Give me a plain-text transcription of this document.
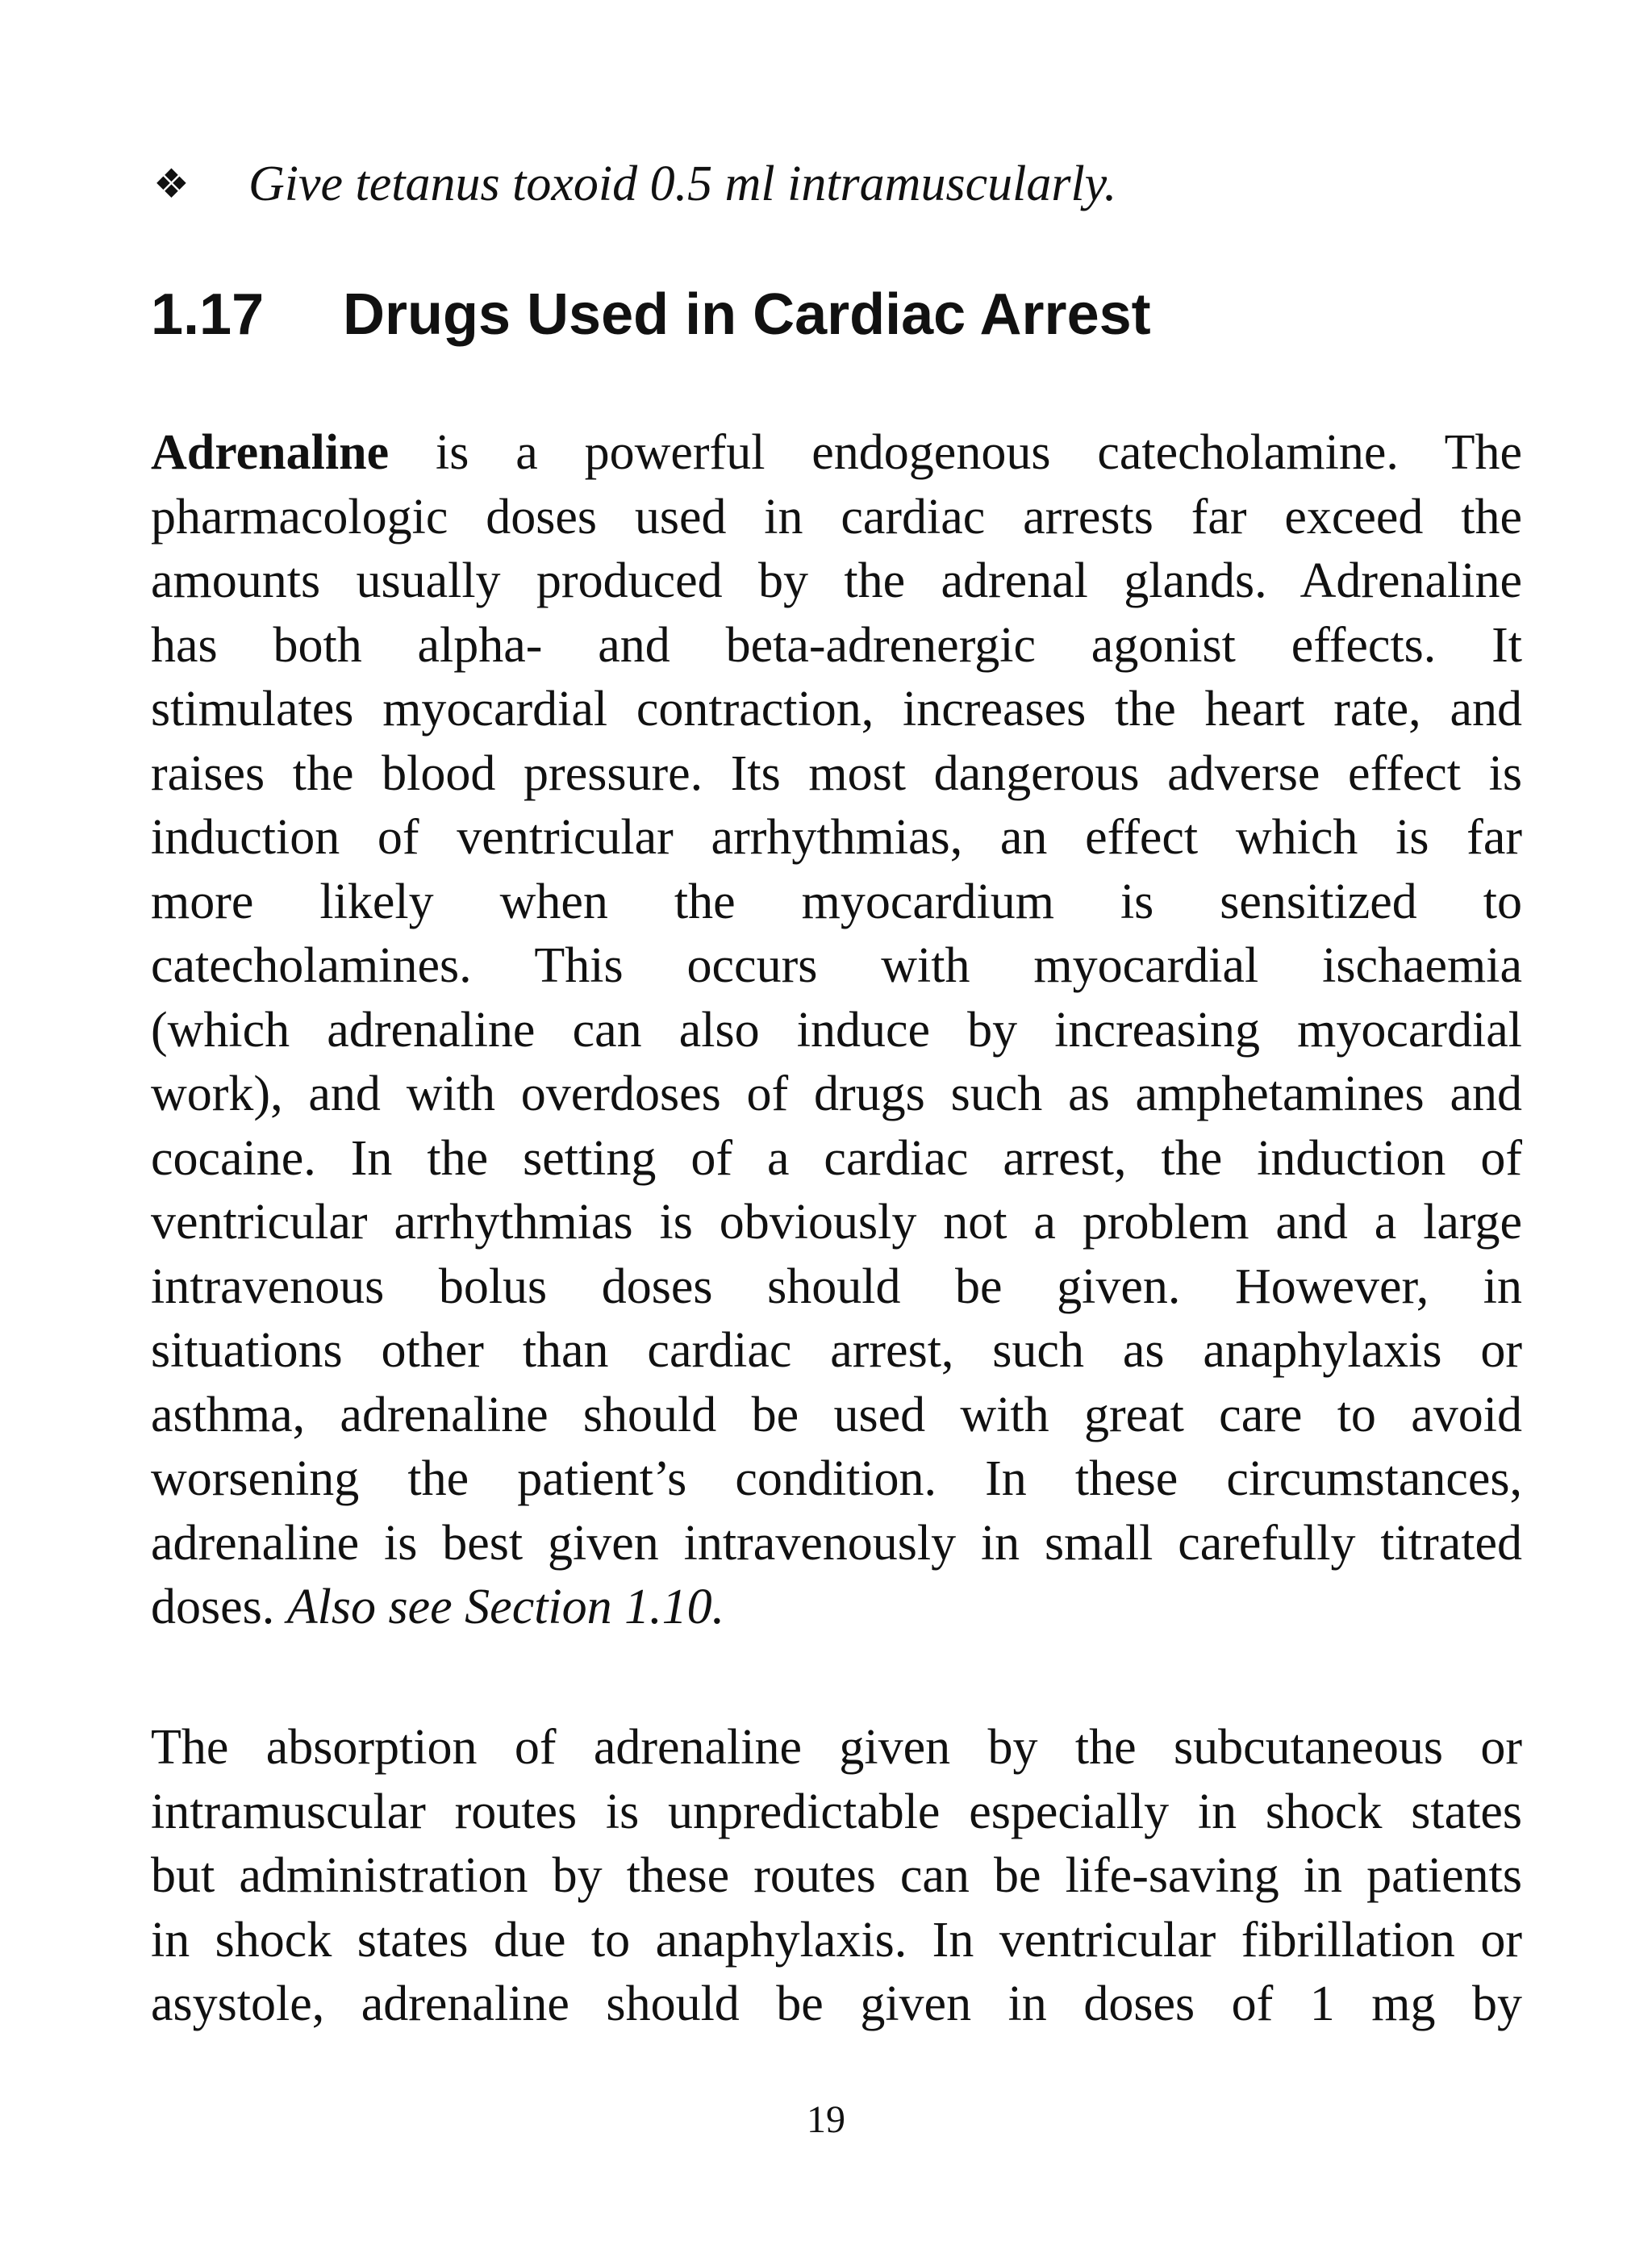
❖ Give tetanus toxoid 0.5 ml intramuscularly.
1.17 Drugs Used in Cardiac Arrest
Adrenaline is a powerful endogenous catecholamine. The
pharmacologic doses used in cardiac arrests far exceed the
amounts usually produced by the adrenal glands. Adrenaline
has both alpha- and beta-adrenergic agonist effects. It
stimulates myocardial contraction, increases the heart rate, and
raises the blood pressure. Its most dangerous adverse effect is
induction of ventricular arrhythmias, an effect which is far
more likely when the myocardium is sensitized to
catecholamines. This occurs with myocardial ischaemia
(which adrenaline can also induce by increasing myocardial
work), and with overdoses of drugs such as amphetamines and
cocaine. In the setting of a cardiac arrest, the induction of
ventricular arrhythmias is obviously not a problem and a large
intravenous bolus doses should be given. However, in
situations other than cardiac arrest, such as anaphylaxis or
asthma, adrenaline should be used with great care to avoid
worsening the patient’s condition. In these circumstances,
adrenaline is best given intravenously in small carefully titrated
doses. Also see Section 1.10.
The absorption of adrenaline given by the subcutaneous or
intramuscular routes is unpredictable especially in shock states
but administration by these routes can be life-saving in patients
in shock states due to anaphylaxis. In ventricular fibrillation or
asystole, adrenaline should be given in doses of 1 mg by
19
